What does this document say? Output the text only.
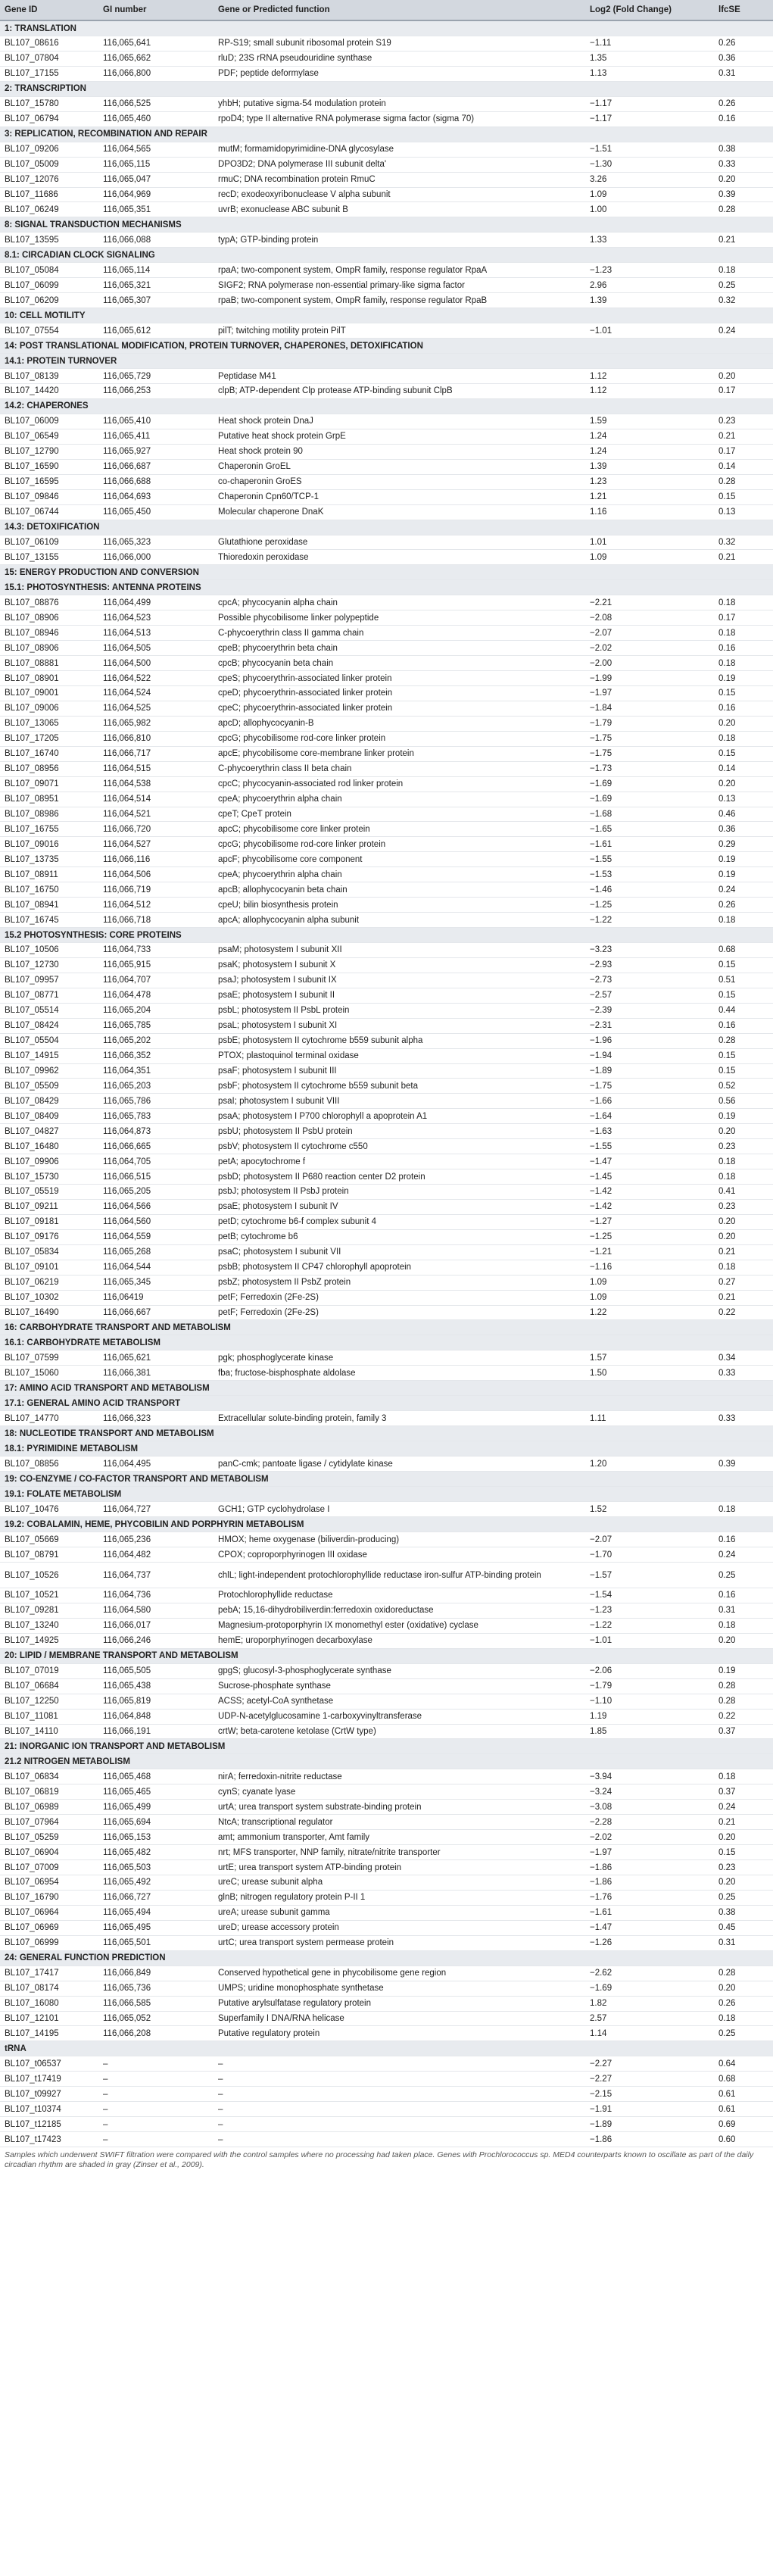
Gene ID	GI number	Gene or Predicted function	Log2 (Fold Change)	lfcSE
1: TRANSLATION				
BL107_08616	116,065,641	RP-S19; small subunit ribosomal protein S19	−1.11	0.26
BL107_07804	116,065,662	rluD; 23S rRNA pseudouridine synthase	1.35	0.36
BL107_17155	116,066,800	PDF; peptide deformylase	1.13	0.31
2: TRANSCRIPTION				
BL107_15780	116,066,525	yhbH; putative sigma-54 modulation protein	−1.17	0.26
BL107_06794	116,065,460	rpoD4; type II alternative RNA polymerase sigma factor (sigma 70)	−1.17	0.16
3: REPLICATION, RECOMBINATION AND REPAIR				
BL107_09206	116,064,565	mutM; formamidopyrimidine-DNA glycosylase	−1.51	0.38
BL107_05009	116,065,115	DPO3D2; DNA polymerase III subunit delta'	−1.30	0.33
BL107_12076	116,065,047	rmuC; DNA recombination protein RmuC	3.26	0.20
BL107_11686	116,064,969	recD; exodeoxyribonuclease V alpha subunit	1.09	0.39
BL107_06249	116,065,351	uvrB; exonuclease ABC subunit B	1.00	0.28
8: SIGNAL TRANSDUCTION MECHANISMS				
BL107_13595	116,066,088	typA; GTP-binding protein	1.33	0.21
8.1: CIRCADIAN CLOCK SIGNALING				
BL107_05084	116,065,114	rpaA; two-component system, OmpR family, response regulator RpaA	−1.23	0.18
BL107_06099	116,065,321	SIGF2; RNA polymerase non-essential primary-like sigma factor	2.96	0.25
BL107_06209	116,065,307	rpaB; two-component system, OmpR family, response regulator RpaB	1.39	0.32
10: CELL MOTILITY				
BL107_07554	116,065,612	pilT; twitching motility protein PilT	−1.01	0.24
14: POST TRANSLATIONAL MODIFICATION, PROTEIN TURNOVER, CHAPERONES, DETOXIFICATION				
14.1: PROTEIN TURNOVER				
BL107_08139	116,065,729	Peptidase M41	1.12	0.20
BL107_14420	116,066,253	clpB; ATP-dependent Clp protease ATP-binding subunit ClpB	1.12	0.17
14.2: CHAPERONES				
BL107_06009	116,065,410	Heat shock protein DnaJ	1.59	0.23
BL107_06549	116,065,411	Putative heat shock protein GrpE	1.24	0.21
BL107_12790	116,065,927	Heat shock protein 90	1.24	0.17
BL107_16590	116,066,687	Chaperonin GroEL	1.39	0.14
BL107_16595	116,066,688	co-chaperonin GroES	1.23	0.28
BL107_09846	116,064,693	Chaperonin Cpn60/TCP-1	1.21	0.15
BL107_06744	116,065,450	Molecular chaperone DnaK	1.16	0.13
14.3: DETOXIFICATION				
BL107_06109	116,065,323	Glutathione peroxidase	1.01	0.32
BL107_13155	116,066,000	Thioredoxin peroxidase	1.09	0.21
15: ENERGY PRODUCTION AND CONVERSION				
15.1: PHOTOSYNTHESIS: ANTENNA PROTEINS				
BL107_08876	116,064,499	cpcA; phycocyanin alpha chain	−2.21	0.18
BL107_08906	116,064,523	Possible phycobilisome linker polypeptide	−2.08	0.17
BL107_08946	116,064,513	C-phycoerythrin class II gamma chain	−2.07	0.18
BL107_08906	116,064,505	cpeB; phycoerythrin beta chain	−2.02	0.16
BL107_08881	116,064,500	cpcB; phycocyanin beta chain	−2.00	0.18
BL107_08901	116,064,522	cpeS; phycoerythrin-associated linker protein	−1.99	0.19
BL107_09001	116,064,524	cpeD; phycoerythrin-associated linker protein	−1.97	0.15
BL107_09006	116,064,525	cpeC; phycoerythrin-associated linker protein	−1.84	0.16
BL107_13065	116,065,982	apcD; allophycocyanin-B	−1.79	0.20
BL107_17205	116,066,810	cpcG; phycobilisome rod-core linker protein	−1.75	0.18
BL107_16740	116,066,717	apcE; phycobilisome core-membrane linker protein	−1.75	0.15
BL107_08956	116,064,515	C-phycoerythrin class II beta chain	−1.73	0.14
BL107_09071	116,064,538	cpcC; phycocyanin-associated rod linker protein	−1.69	0.20
BL107_08951	116,064,514	cpeA; phycoerythrin alpha chain	−1.69	0.13
BL107_08986	116,064,521	cpeT; CpeT protein	−1.68	0.46
BL107_16755	116,066,720	apcC; phycobilisome core linker protein	−1.65	0.36
BL107_09016	116,064,527	cpcG; phycobilisome rod-core linker protein	−1.61	0.29
BL107_13735	116,066,116	apcF; phycobilisome core component	−1.55	0.19
BL107_08911	116,064,506	cpeA; phycoerythrin alpha chain	−1.53	0.19
BL107_16750	116,066,719	apcB; allophycocyanin beta chain	−1.46	0.24
BL107_08941	116,064,512	cpeU; bilin biosynthesis protein	−1.25	0.26
BL107_16745	116,066,718	apcA; allophycocyanin alpha subunit	−1.22	0.18
15.2 PHOTOSYNTHESIS: CORE PROTEINS				
BL107_10506	116,064,733	psaM; photosystem I subunit XII	−3.23	0.68
BL107_12730	116,065,915	psaK; photosystem I subunit X	−2.93	0.15
BL107_09957	116,064,707	psaJ; photosystem I subunit IX	−2.73	0.51
BL107_08771	116,064,478	psaE; photosystem I subunit II	−2.57	0.15
BL107_05514	116,065,204	psbL; photosystem II PsbL protein	−2.39	0.44
BL107_08424	116,065,785	psaL; photosystem I subunit XI	−2.31	0.16
BL107_05504	116,065,202	psbE; photosystem II cytochrome b559 subunit alpha	−1.96	0.28
BL107_14915	116,066,352	PTOX; plastoquinol terminal oxidase	−1.94	0.15
BL107_09962	116,064,351	psaF; photosystem I subunit III	−1.89	0.15
BL107_05509	116,065,203	psbF; photosystem II cytochrome b559 subunit beta	−1.75	0.52
BL107_08429	116,065,786	psaI; photosystem I subunit VIII	−1.66	0.56
BL107_08409	116,065,783	psaA; photosystem I P700 chlorophyll a apoprotein A1	−1.64	0.19
BL107_04827	116,064,873	psbU; photosystem II PsbU protein	−1.63	0.20
BL107_16480	116,066,665	psbV; photosystem II cytochrome c550	−1.55	0.23
BL107_09906	116,064,705	petA; apocytochrome f	−1.47	0.18
BL107_15730	116,066,515	psbD; photosystem II P680 reaction center D2 protein	−1.45	0.18
BL107_05519	116,065,205	psbJ; photosystem II PsbJ protein	−1.42	0.41
BL107_09211	116,064,566	psaE; photosystem I subunit IV	−1.42	0.23
BL107_09181	116,064,560	petD; cytochrome b6-f complex subunit 4	−1.27	0.20
BL107_09176	116,064,559	petB; cytochrome b6	−1.25	0.20
BL107_05834	116,065,268	psaC; photosystem I subunit VII	−1.21	0.21
BL107_09101	116,064,544	psbB; photosystem II CP47 chlorophyll apoprotein	−1.16	0.18
BL107_06219	116,065,345	psbZ; photosystem II PsbZ protein	1.09	0.27
BL107_10302	116,06419	petF; Ferredoxin (2Fe-2S)	1.09	0.21
BL107_16490	116,066,667	petF; Ferredoxin (2Fe-2S)	1.22	0.22
16: CARBOHYDRATE TRANSPORT AND METABOLISM				
16.1: CARBOHYDRATE METABOLISM				
BL107_07599	116,065,621	pgk; phosphoglycerate kinase	1.57	0.34
BL107_15060	116,066,381	fba; fructose-bisphosphate aldolase	1.50	0.33
17: AMINO ACID TRANSPORT AND METABOLISM				
17.1: GENERAL AMINO ACID TRANSPORT				
BL107_14770	116,066,323	Extracellular solute-binding protein, family 3	1.11	0.33
18: NUCLEOTIDE TRANSPORT AND METABOLISM				
18.1: PYRIMIDINE METABOLISM				
BL107_08856	116,064,495	panC-cmk; pantoate ligase / cytidylate kinase	1.20	0.39
19: CO-ENZYME / CO-FACTOR TRANSPORT AND METABOLISM				
19.1: FOLATE METABOLISM				
BL107_10476	116,064,727	GCH1; GTP cyclohydrolase I	1.52	0.18
19.2: COBALAMIN, HEME, PHYCOBILIN AND PORPHYRIN METABOLISM				
BL107_05669	116,065,236	HMOX; heme oxygenase (biliverdin-producing)	−2.07	0.16
BL107_08791	116,064,482	CPOX; coproporphyrinogen III oxidase	−1.70	0.24
BL107_10526	116,064,737	chlL; light-independent protochlorophyllide reductase iron-sulfur ATP-binding protein	−1.57	0.25
BL107_10521	116,064,736	Protochlorophyllide reductase	−1.54	0.16
BL107_09281	116,064,580	pebA; 15,16-dihydrobiliverdin:ferredoxin oxidoreductase	−1.23	0.31
BL107_13240	116,066,017	Magnesium-protoporphyrin IX monomethyl ester (oxidative) cyclase	−1.22	0.18
BL107_14925	116,066,246	hemE; uroporphyrinogen decarboxylase	−1.01	0.20
20: LIPID / MEMBRANE TRANSPORT AND METABOLISM				
BL107_07019	116,065,505	gpgS; glucosyl-3-phosphoglycerate synthase	−2.06	0.19
BL107_06684	116,065,438	Sucrose-phosphate synthase	−1.79	0.28
BL107_12250	116,065,819	ACSS; acetyl-CoA synthetase	−1.10	0.28
BL107_11081	116,064,848	UDP-N-acetylglucosamine 1-carboxyvinyltransferase	1.19	0.22
BL107_14110	116,066,191	crtW; beta-carotene ketolase (CrtW type)	1.85	0.37
21: INORGANIC ION TRANSPORT AND METABOLISM				
21.2 NITROGEN METABOLISM				
BL107_06834	116,065,468	nirA; ferredoxin-nitrite reductase	−3.94	0.18
BL107_06819	116,065,465	cynS; cyanate lyase	−3.24	0.37
BL107_06989	116,065,499	urtA; urea transport system substrate-binding protein	−3.08	0.24
BL107_07964	116,065,694	NtcA; transcriptional regulator	−2.28	0.21
BL107_05259	116,065,153	amt; ammonium transporter, Amt family	−2.02	0.20
BL107_06904	116,065,482	nrt; MFS transporter, NNP family, nitrate/nitrite transporter	−1.97	0.15
BL107_07009	116,065,503	urtE; urea transport system ATP-binding protein	−1.86	0.23
BL107_06954	116,065,492	ureC; urease subunit alpha	−1.86	0.20
BL107_16790	116,066,727	glnB; nitrogen regulatory protein P-II 1	−1.76	0.25
BL107_06964	116,065,494	ureA; urease subunit gamma	−1.61	0.38
BL107_06969	116,065,495	ureD; urease accessory protein	−1.47	0.45
BL107_06999	116,065,501	urtC; urea transport system permease protein	−1.26	0.31
24: GENERAL FUNCTION PREDICTION				
BL107_17417	116,066,849	Conserved hypothetical gene in phycobilisome gene region	−2.62	0.28
BL107_08174	116,065,736	UMPS; uridine monophosphate synthetase	−1.69	0.20
BL107_16080	116,066,585	Putative arylsulfatase regulatory protein	1.82	0.26
BL107_12101	116,065,052	Superfamily I DNA/RNA helicase	2.57	0.18
BL107_14195	116,066,208	Putative regulatory protein	1.14	0.25
tRNA				
BL107_t06537	–	–	−2.27	0.64
BL107_t17419	–	–	−2.27	0.68
BL107_t09927	–	–	−2.15	0.61
BL107_t10374	–	–	−1.91	0.61
BL107_t12185	–	–	−1.89	0.69
BL107_t17423	–	–	−1.86	0.60
Samples which underwent SWIFT filtration were compared with the control samples where no processing had taken place. Genes with Prochlorococcus sp. MED4 counterparts known to oscillate as part of the daily circadian rhythm are shaded in gray (Zinser et al., 2009).
